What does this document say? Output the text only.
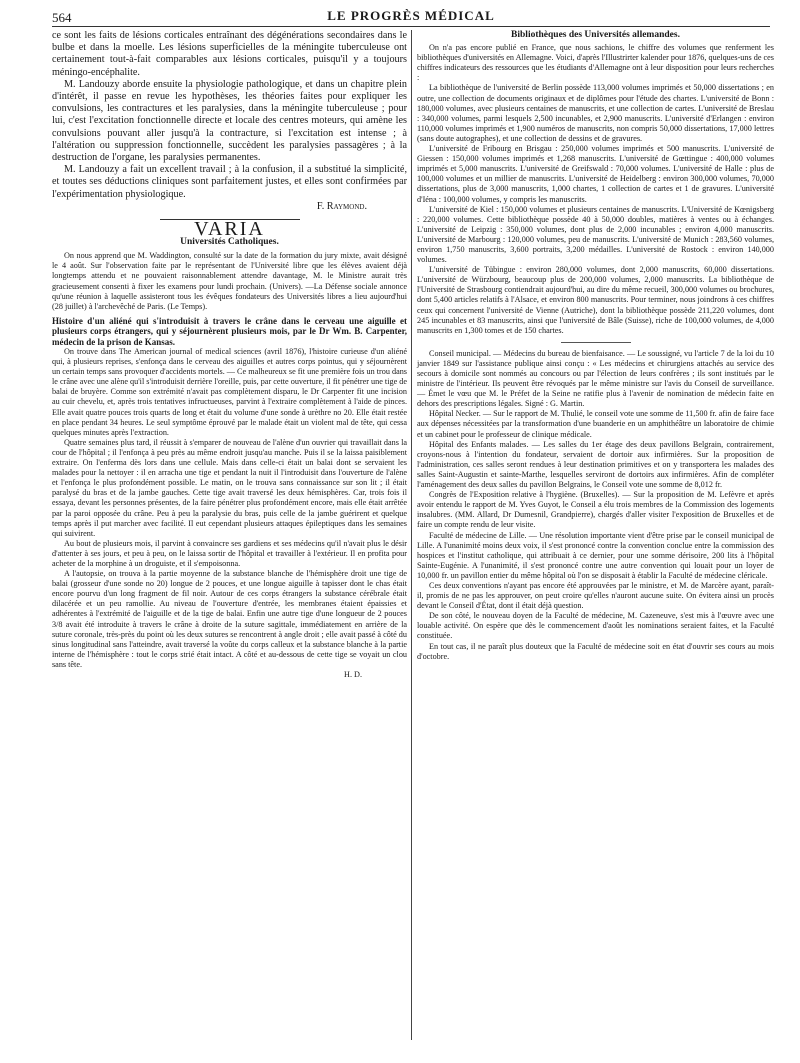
564	LE PROGRÈS MÉDICAL

ce sont les faits de lésions corticales entraînant des dégénérations secondaires dans le bulbe et dans la moelle. Les lésions superficielles de la méningite tuberculeuse ont certainement tout-à-fait comparables aux lésions corticales, puisqu'il y a toujours méningo-encéphalite.

M. Landouzy aborde ensuite la physiologie pathologique, et dans un chapitre plein d'intérêt, il passe en revue les hypothèses, les théories faites pour expliquer les convulsions, les contractures et les paralysies, dans la méningite tuberculeuse ; pour lui, c'est l'excitation fonctionnelle directe et locale des centres moteurs, qui amène les convulsions pouvant aller jusqu'à la contracture, si l'excitation est intense ; à l'altération ou suppression fonctionnelle, succèdent les paralysies passagères ; à la destruction de l'organe, les paralysies permanentes.

M. Landouzy a fait un excellent travail ; à la confusion, il a substitué la simplicité, et toutes ses déductions cliniques sont parfaitement justes, et elles sont confirmées par l'expérimentation physiologique.

F. Raymond.
VARIA
Universités Catholiques.

On nous apprend que M. Waddington, consulté sur la date de la formation du jury mixte, avait désigné le 4 août. Sur l'observation faite par le représentant de l'Université libre que les élèves avaient déjà longtemps attendu et ne pouvaient raisonnablement attendre davantage, M. le Ministre aurait très gracieusement consenti à fixer les examens pour lundi prochain. (Univers). —La Défense sociale annonce qu'une réunion à laquelle assisteront tous les évêques fondateurs des Universités libres a lieu aujourd'hui (28 juillet) à l'archevêché de Paris. (Le Temps).

Histoire d'un aliéné qui s'introduisit à travers le crâne dans le cerveau une aiguille et plusieurs corps étrangers, qui y séjournèrent plusieurs mois, par le Dr Wm. B. Carpenter, médecin de la prison de Kansas.

On trouve dans The American journal of medical sciences (avril 1876), l'histoire curieuse d'un aliéné qui, à plusieurs reprises, s'enfonça dans le cerveau des aiguilles et autres corps pointus, qui y séjournèrent un certain temps sans provoquer d'accidents mortels. — Ce malheureux se fit une première fois un trou dans le crâne avec une alène qu'il s'introduisit derrière l'oreille, puis, par cette ouverture, il fit pénétrer une tige de balai de bruyère. Comme son extrémité n'avait pas complètement disparu, le Dr Carpenter fit une incision au cuir chevelu, et, après trois tentatives infructueuses, parvint à l'extraire complètement à l'aide de pinces. Elle avait quatre pouces trois quarts de long et était du volume d'une sonde à urèthre no 20. Elle était restée en place pendant 34 heures. Le seul symptôme éprouvé par le malade était un violent mal de tête, qui cessa quelques minutes après l'extraction.

Quatre semaines plus tard, il réussit à s'emparer de nouveau de l'alène d'un ouvrier qui travaillait dans la cour de l'hôpital ; il l'enfonça à peu près au même endroit jusqu'au manche. Puis il se la laissa paisiblement extraire. On l'enferma dès lors dans une cellule. Mais dans celle-ci était un balai dont se servaient les malades pour la nettoyer : il en arracha une tige et pendant la nuit il l'introduisit dans l'ouverture de l'alène et l'enfonça le plus profondément possible. Le matin, on le trouva sans connaissance sur son lit ; il était paralysé du bras et de la jambe gauches. Cette tige avait traversé les deux hémisphères. Car, trois fois il essaya, devant les personnes présentes, de la faire pénétrer plus profondément encore, mais elle était arrêtée par la paroi opposée du crâne. Peu à peu la paralysie du bras, puis celle de la jambe guérirent et quelque temps après il put marcher avec facilité. Il eut cependant plusieurs attaques épileptiques dans les semaines qui suivirent.

Au bout de plusieurs mois, il parvint à convaincre ses gardiens et ses médecins qu'il n'avait plus le désir d'attenter à ses jours, et peu à peu, on le laissa sortir de l'hôpital et travailler à l'extérieur. Il en profita pour acheter de la morphine à un droguiste, et il s'empoisonna.

A l'autopsie, on trouva à la partie moyenne de la substance blanche de l'hémisphère droit une tige de balai (grosseur d'une sonde no 20) longue de 2 pouces, et une longue aiguille à tapisser dont le chas était encore pourvu d'un long fragment de fil noir. Autour de ces corps étrangers la substance cérébrale était dilacérée et un peu ramollie. Au niveau de l'ouverture d'entrée, les membranes étaient épaissies et adhérentes à l'extrémité de l'aiguille et de la tige de balai. Enfin une autre tige d'une longueur de 2 pouces 3/8 avait été introduite à travers le crâne à droite de la suture sagittale, immédiatement en arrière de la suture coronale, très-près du point où les deux sutures se rencontrent à angle droit ; elle avait passé à côté du sinus longitudinal sans l'atteindre, avait traversé la voûte du corps calleux et la substance blanche à la partie interne de l'hémisphère : tout le corps strié était intact. A côté et au-dessous de cette tige se voyait un clou sans tête.

H. D.
Bibliothèques des Universités allemandes.

On n'a pas encore publié en France, que nous sachions, le chiffre des volumes que renferment les bibliothèques d'universités en Allemagne. Voici, d'après l'Illustrirter kalender pour 1876, quelques-uns de ces chiffres indicateurs des ressources que les étudiants d'Allemagne ont à leur disposition pour leurs recherches :

La bibliothèque de l'université de Berlin possède 113,000 volumes imprimés et 50,000 dissertations ; en outre, une collection de documents originaux et de diplômes pour l'étude des chartes. L'université de Bonn : 180,000 volumes, avec plusieurs centaines de manuscrits, et une collection de cartes. L'université de Breslau : 340,000 volumes, parmi lesquels 2,500 incunables, et 2,900 manuscrits. L'université d'Erlangen : environ 110,000 volumes imprimés et 1,900 numéros de manuscrits, non compris 50,000 dissertations, 17,000 lettres (sans doute autographes), et une collection de dessins et de gravures.

L'université de Fribourg en Brisgau : 250,000 volumes imprimés et 500 manuscrits. L'université de Giessen : 150,000 volumes imprimés et 1,268 manuscrits. L'université de Gœttingue : 400,000 volumes imprimés et 5,000 manuscrits. L'université de Greifswald : 70,000 volumes. L'université de Halle : plus de 100,000 volumes et un millier de manuscrits. L'université de Heidelberg : environ 300,000 volumes, 70,000 dissertations, plus de 3,000 manuscrits, 1,000 chartes, 1 collection de cartes et 1 de gravures. L'université d'Iéna : 100,000 volumes, y compris les manuscrits.

L'université de Kiel : 150,000 volumes et plusieurs centaines de manuscrits. L'Université de Kœnigsberg : 220,000 volumes. Cette bibliothèque possède 40 à 50,000 doubles, matières à ventes ou à échanges. L'université de Leipzig : 350,000 volumes, dont plus de 2,000 incunables ; environ 4,000 manuscrits. L'université de Marbourg : 120,000 volumes, peu de manuscrits. L'université de Munich : 283,560 volumes, environ 1,750 manuscrits, 3,600 portraits, 3,200 médailles. L'université de Rostock : environ 140,000 volumes.

L'université de Tübingue : environ 280,000 volumes, dont 2,000 manuscrits, 60,000 dissertations. L'université de Würzbourg, beaucoup plus de 200,000 volumes, 2,000 manuscrits. La bibliothèque de l'Université de Strasbourg contiendrait aujourd'hui, au dire du même recueil, 300,000 volumes ou brochures, dont 5,400 articles relatifs à l'Alsace, et environ 800 manuscrits. Pour terminer, nous joindrons à ces chiffres ceux qui concernent l'université de Vienne (Autriche), dont la bibliothèque possède 211,220 volumes, dont 245 incunables et 83 manuscrits, ainsi que l'université de Bâle (Suisse), riche de 100,000 volumes, de 4,000 manuscrits en 1,300 tomes et de 150 chartes.

Conseil municipal. — Médecins du bureau de bienfaisance. — Le soussigné, vu l'article 7 de la loi du 10 janvier 1849 sur l'assistance publique ainsi conçu : « Les médecins et chirurgiens attachés au service des secours à domicile sont nommés au concours ou par l'élection de leurs confrères ; ils sont institués par le ministre de l'intérieur. Ils peuvent être révoqués par le même ministre sur l'avis du Conseil de surveillance. — Émet le vœu que M. le Préfet de la Seine ne ratifie plus à l'avenir de nomination de médecin faite en dehors des prescriptions légales. Signé : G. Martin.

Hôpital Necker. — Sur le rapport de M. Thulié, le conseil vote une somme de 11,500 fr. afin de faire face aux dépenses nécessitées par la transformation d'une buanderie en un amphithéâtre un laboratoire de chimie et un cabinet pour le professeur de clinique médicale.

Hôpital des Enfants malades. — Les salles du 1er étage des deux pavillons Belgrain, contrairement, croyons-nous à l'intention du fondateur, servaient de dortoir aux infirmières. Sur la proposition de l'administration, ces salles seront rendues à leur destination primitives et on y transportera les malades des salles Saint-Augustin et sainte-Marthe, lesquelles serviront de dortoirs aux infirmières. Afin de compléter l'aménagement des deux salles du pavillon Belgrains, le Conseil vote une somme de 8,012 fr.

Congrès de l'Exposition relative à l'hygiène. (Bruxelles). — Sur la proposition de M. Lefèvre et après avoir entendu le rapport de M. Yves Guyot, le Conseil a élu trois membres de la Commission des logements insalubres. (MM. Allard, Dr Dumesnil, Grandpierre), chargés d'aller visiter l'exposition de Bruxelles et de faire un compte rendu de leur visite.

Faculté de médecine de Lille. — Une résolution importante vient d'être prise par le conseil municipal de Lille. A l'unanimité moins deux voix, il s'est prononcé contre la convention conclue entre la commission des hospices et l'institut catholique, qui attribuait à ce dernier, pour une somme dérisoire, 200 lits à l'hôpital Sainte-Eugénie. A l'unanimité, il s'est prononcé contre une autre convention qui louait pour un loyer de 10,000 fr. un pavillon entier du même hôpital où l'on se disposait à établir la Faculté de médecine cléricale.

Ces deux conventions n'ayant pas encore été approuvées par le ministre, et M. de Marcère ayant, paraît-il, promis de ne pas les approuver, on peut croire qu'elles n'auront aucune suite. On évitera ainsi un procès devant le Conseil d'État, dont il était déjà question.

De son côté, le nouveau doyen de la Faculté de médecine, M. Cazeneuve, s'est mis à l'œuvre avec une louable activité. On espère que dès le commencement d'août les nominations seraient faites, et la Faculté constituée.

En tout cas, il ne paraît plus douteux que la Faculté de médecine soit en état d'ouvrir ses cours au mois d'octobre.
